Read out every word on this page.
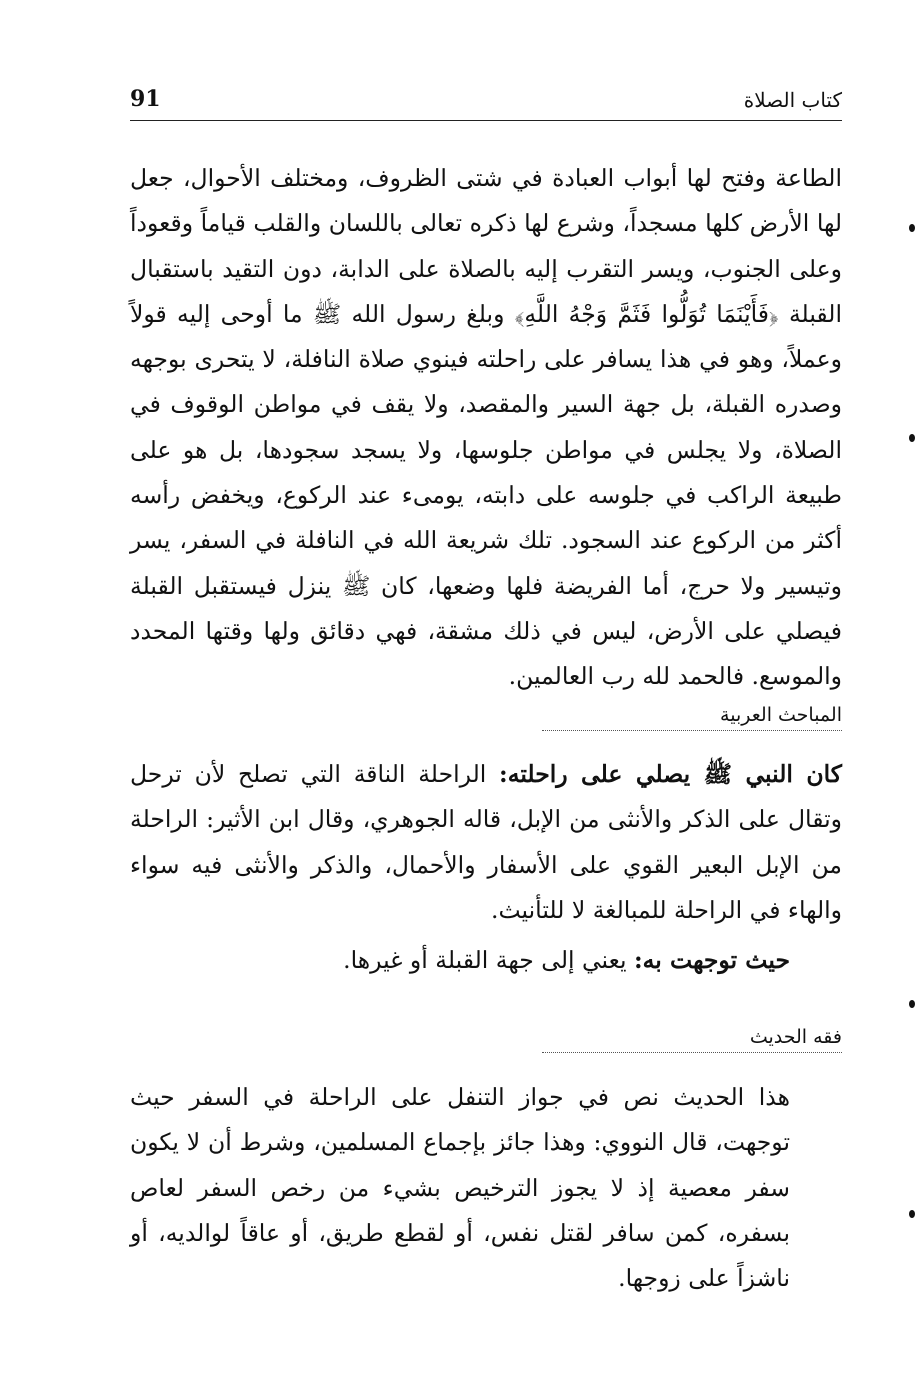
91	كتاب الصلاة

الطاعة وفتح لها أبواب العبادة في شتى الظروف، ومختلف الأحوال، جعل لها الأرض كلها مسجداً، وشرع لها ذكره تعالى باللسان والقلب قياماً وقعوداً وعلى الجنوب، ويسر التقرب إليه بالصلاة على الدابة، دون التقيد باستقبال القبلة ﴿فَأَيْنَمَا تُوَلُّوا فَثَمَّ وَجْهُ اللَّهِ﴾ وبلغ رسول الله ﷺ ما أوحى إليه قولاً وعملاً، وهو في هذا يسافر على راحلته فينوي صلاة النافلة، لا يتحرى بوجهه وصدره القبلة، بل جهة السير والمقصد، ولا يقف في مواطن الوقوف في الصلاة، ولا يجلس في مواطن جلوسها، ولا يسجد سجودها، بل هو على طبيعة الراكب في جلوسه على دابته، يومىء عند الركوع، ويخفض رأسه أكثر من الركوع عند السجود. تلك شريعة الله في النافلة في السفر، يسر وتيسير ولا حرج، أما الفريضة فلها وضعها، كان ﷺ ينزل فيستقبل القبلة فيصلي على الأرض، ليس في ذلك مشقة، فهي دقائق ولها وقتها المحدد والموسع. فالحمد لله رب العالمين.

المباحث العربية

كان النبي ﷺ يصلي على راحلته: الراحلة الناقة التي تصلح لأن ترحل وتقال على الذكر والأنثى من الإبل، قاله الجوهري، وقال ابن الأثير: الراحلة من الإبل البعير القوي على الأسفار والأحمال، والذكر والأنثى فيه سواء والهاء في الراحلة للمبالغة لا للتأنيث.

حيث توجهت به: يعني إلى جهة القبلة أو غيرها.

فقه الحديث

هذا الحديث نص في جواز التنفل على الراحلة في السفر حيث توجهت، قال النووي: وهذا جائز بإجماع المسلمين، وشرط أن لا يكون سفر معصية إذ لا يجوز الترخيص بشيء من رخص السفر لعاص بسفره، كمن سافر لقتل نفس، أو لقطع طريق، أو عاقاً لوالديه، أو ناشزاً على زوجها.
